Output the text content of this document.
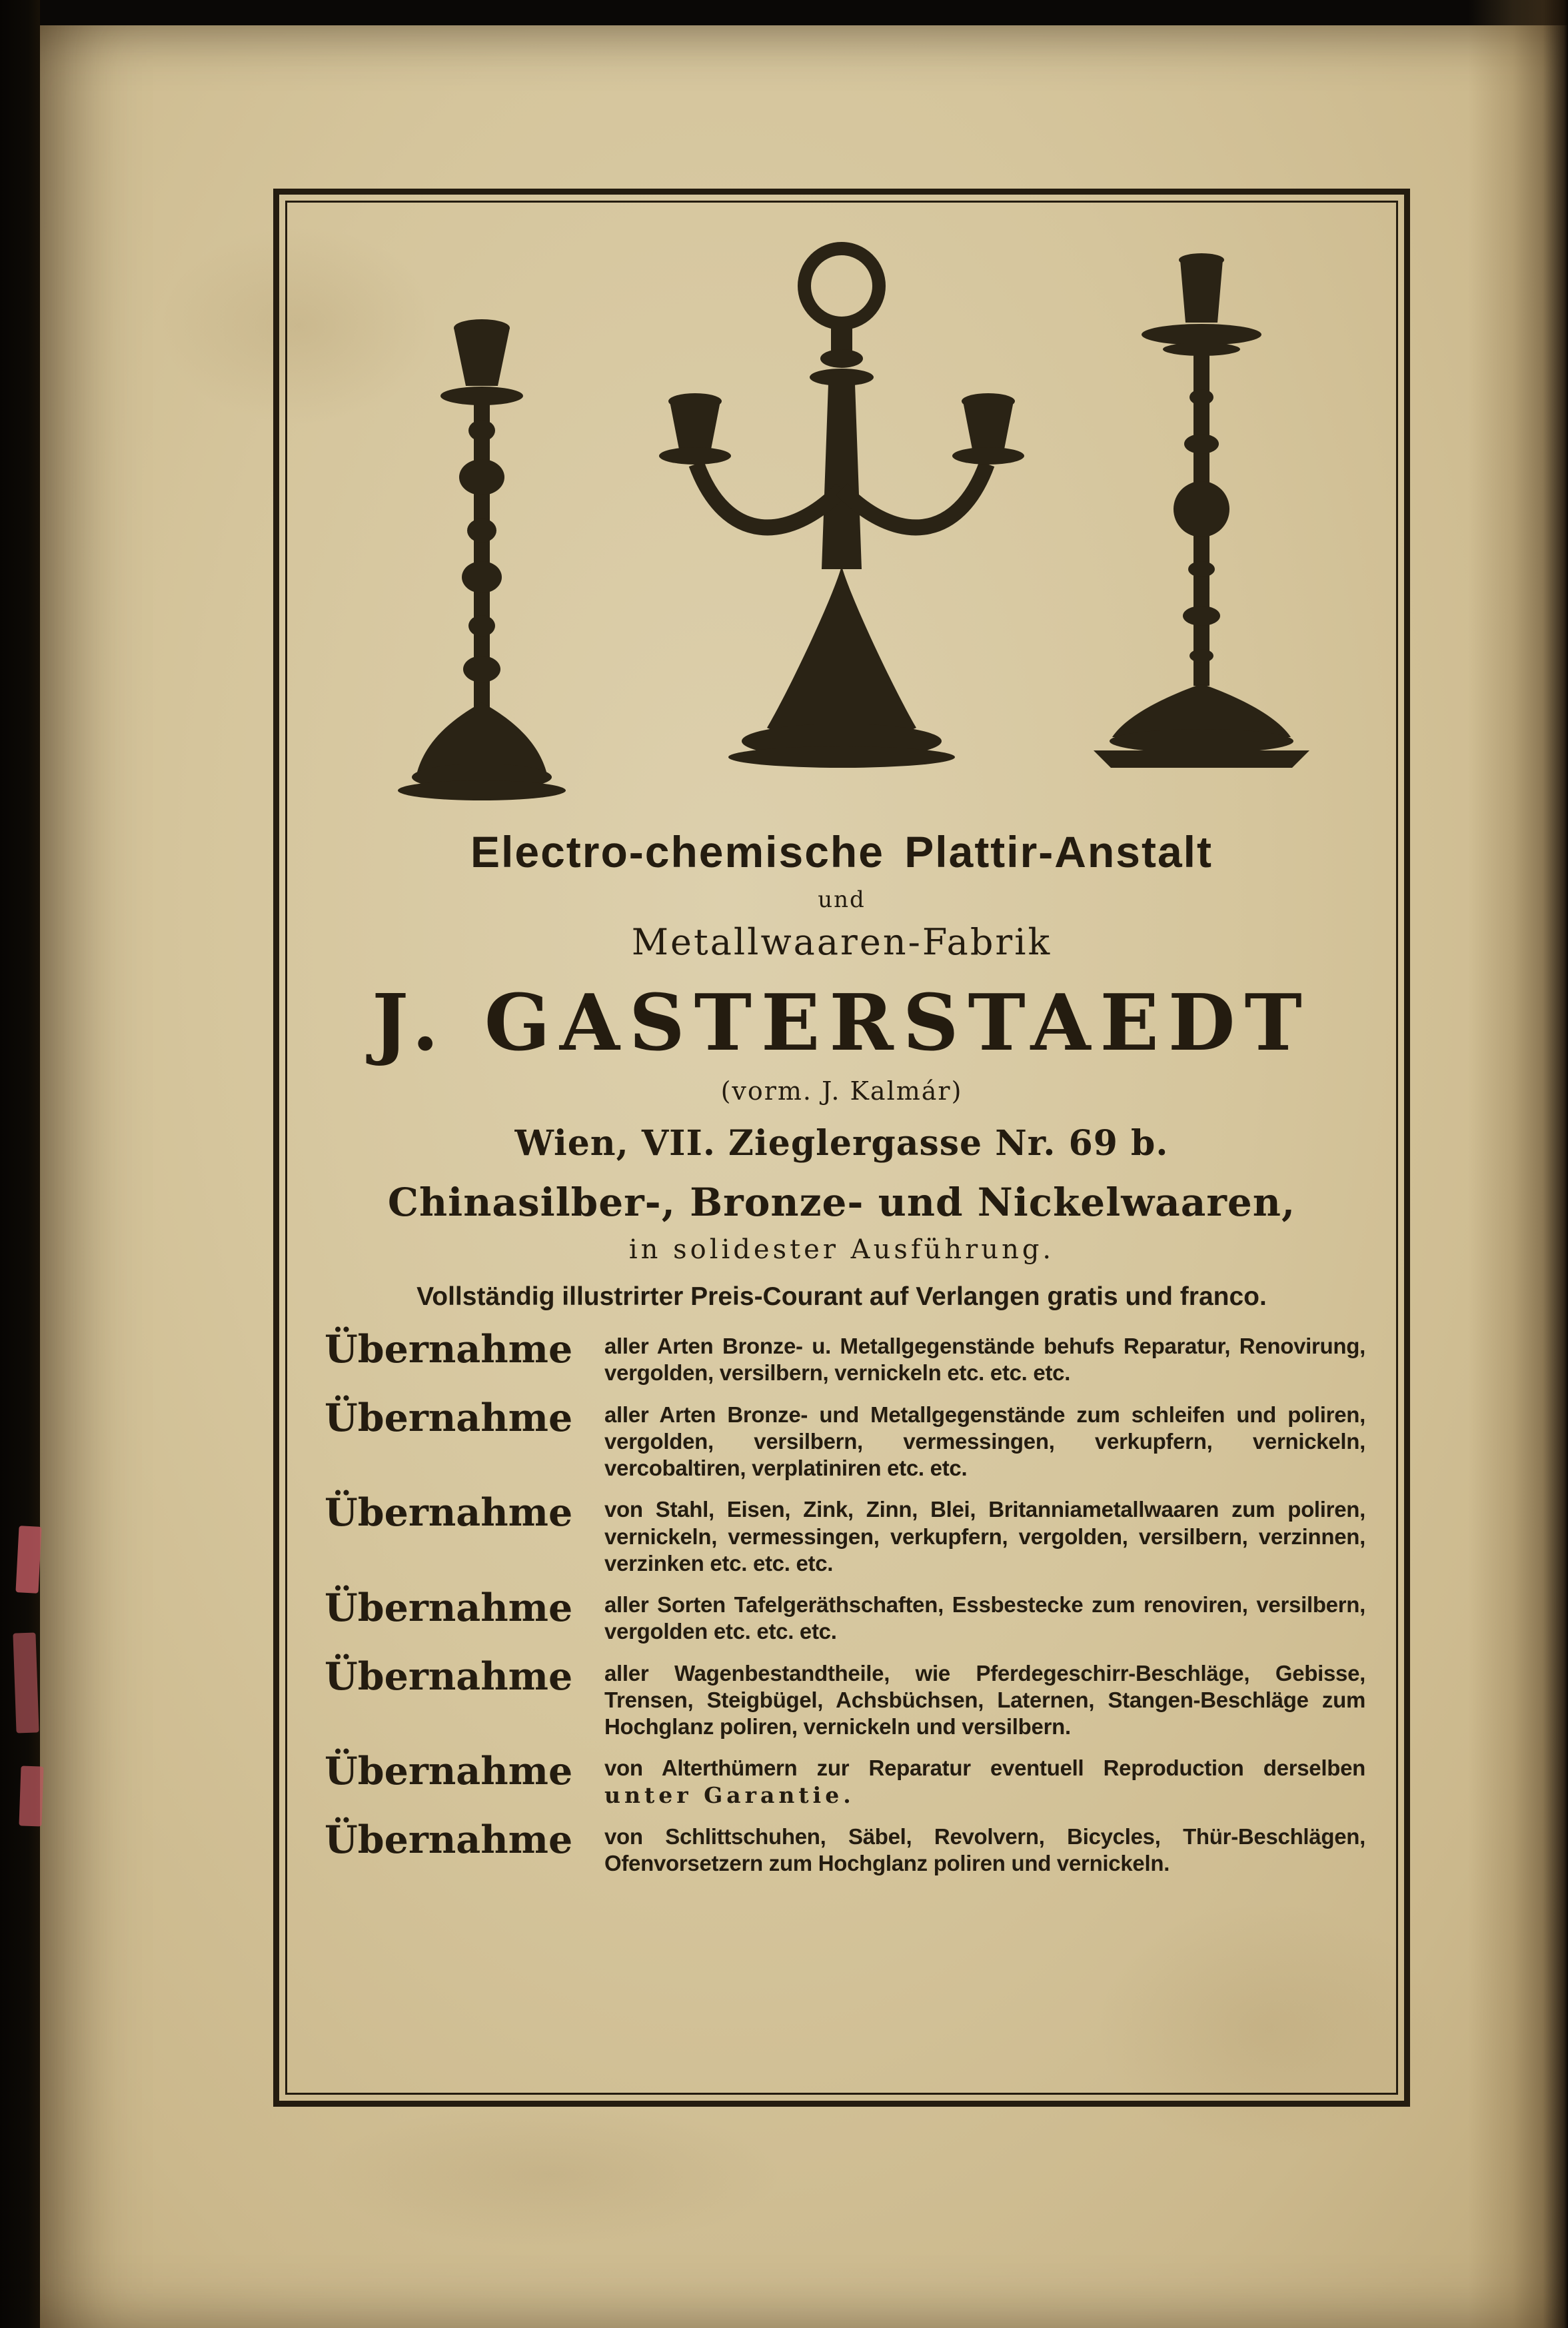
Electro-chemische Plattir-Anstalt
und
Metallwaaren-Fabrik
J. GASTERSTAEDT
(vorm. J. Kalmár)
Wien, VII. Zieglergasse Nr. 69 b.
Chinasilber-, Bronze- und Nickelwaaren,
in solidester Ausführung.
Vollständig illustrirter Preis-Courant auf Verlangen gratis und franco.
Übernahme	aller Arten Bronze- u. Metallgegenstände behufs Reparatur, Renovirung, vergolden, versilbern, vernickeln etc. etc. etc.
Übernahme	aller Arten Bronze- und Metallgegenstände zum schleifen und poliren, vergolden, versilbern, vermessingen, verkupfern, vernickeln, vercobaltiren, verplatiniren etc. etc.
Übernahme	von Stahl, Eisen, Zink, Zinn, Blei, Britanniametallwaaren zum poliren, vernickeln, vermessingen, verkupfern, vergolden, versilbern, verzinnen, verzinken etc. etc. etc.
Übernahme	aller Sorten Tafelgeräthschaften, Essbestecke zum renoviren, versilbern, vergolden etc. etc. etc.
Übernahme	aller Wagenbestandtheile, wie Pferdegeschirr-Beschläge, Gebisse, Trensen, Steigbügel, Achsbüchsen, Laternen, Stangen-Beschläge zum Hochglanz poliren, vernickeln und versilbern.
Übernahme	von Alterthümern zur Reparatur eventuell Reproduction derselben unter Garantie.
Übernahme	von Schlittschuhen, Säbel, Revolvern, Bicycles, Thür-Beschlägen, Ofenvorsetzern zum Hochglanz poliren und vernickeln.
